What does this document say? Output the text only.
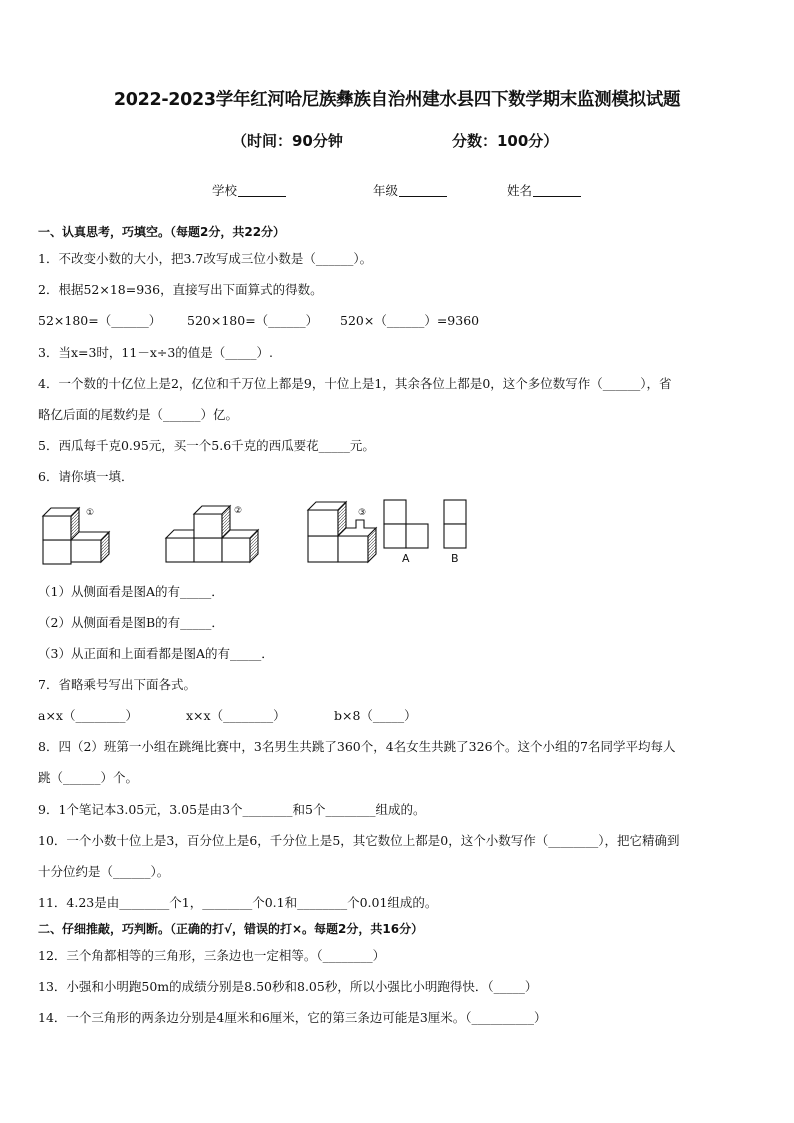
2022-2023学年红河哈尼族彝族自治州建水县四下数学期末监测模拟试题
（时间：90分钟	分数：100分）
学校	年级	姓名
一、认真思考，巧填空。（每题2分，共22分）
1．不改变小数的大小，把3.7改写成三位小数是（______）。
2．根据52×18=936，直接写出下面算式的得数。
52×180=（______） 520×180=（______） 520×（______）=9360
3．当x=3时，11－x÷3的值是（_____）.
4．一个数的十亿位上是2，亿位和千万位上都是9，十位上是1，其余各位上都是0，这个多位数写作（______），省
略亿后面的尾数约是（______）亿。
5．西瓜每千克0.95元，买一个5.6千克的西瓜要花_____元。
6．请你填一填．
①	②	③
A	B
（1）从侧面看是图A的有_____．
（2）从侧面看是图B的有_____．
（3）从正面和上面看都是图A的有_____．
7．省略乘号写出下面各式。
a×x（________）	x×x（________）	b×8（_____）
8．四（2）班第一小组在跳绳比赛中，3名男生共跳了360个，4名女生共跳了326个。这个小组的7名同学平均每人
跳（______）个。
9．1个笔记本3.05元，3.05是由3个________和5个________组成的。
10．一个小数十位上是3，百分位上是6，千分位上是5，其它数位上都是0，这个小数写作（________），把它精确到
十分位约是（______）。
11．4.23是由________个1，________个0.1和________个0.01组成的。
二、仔细推敲，巧判断。（正确的打√，错误的打×。每题2分，共16分）
12．三个角都相等的三角形，三条边也一定相等。（________）
13．小强和小明跑50m的成绩分别是8.50秒和8.05秒，所以小强比小明跑得快．（_____）
14．一个三角形的两条边分别是4厘米和6厘米，它的第三条边可能是3厘米。（__________）
